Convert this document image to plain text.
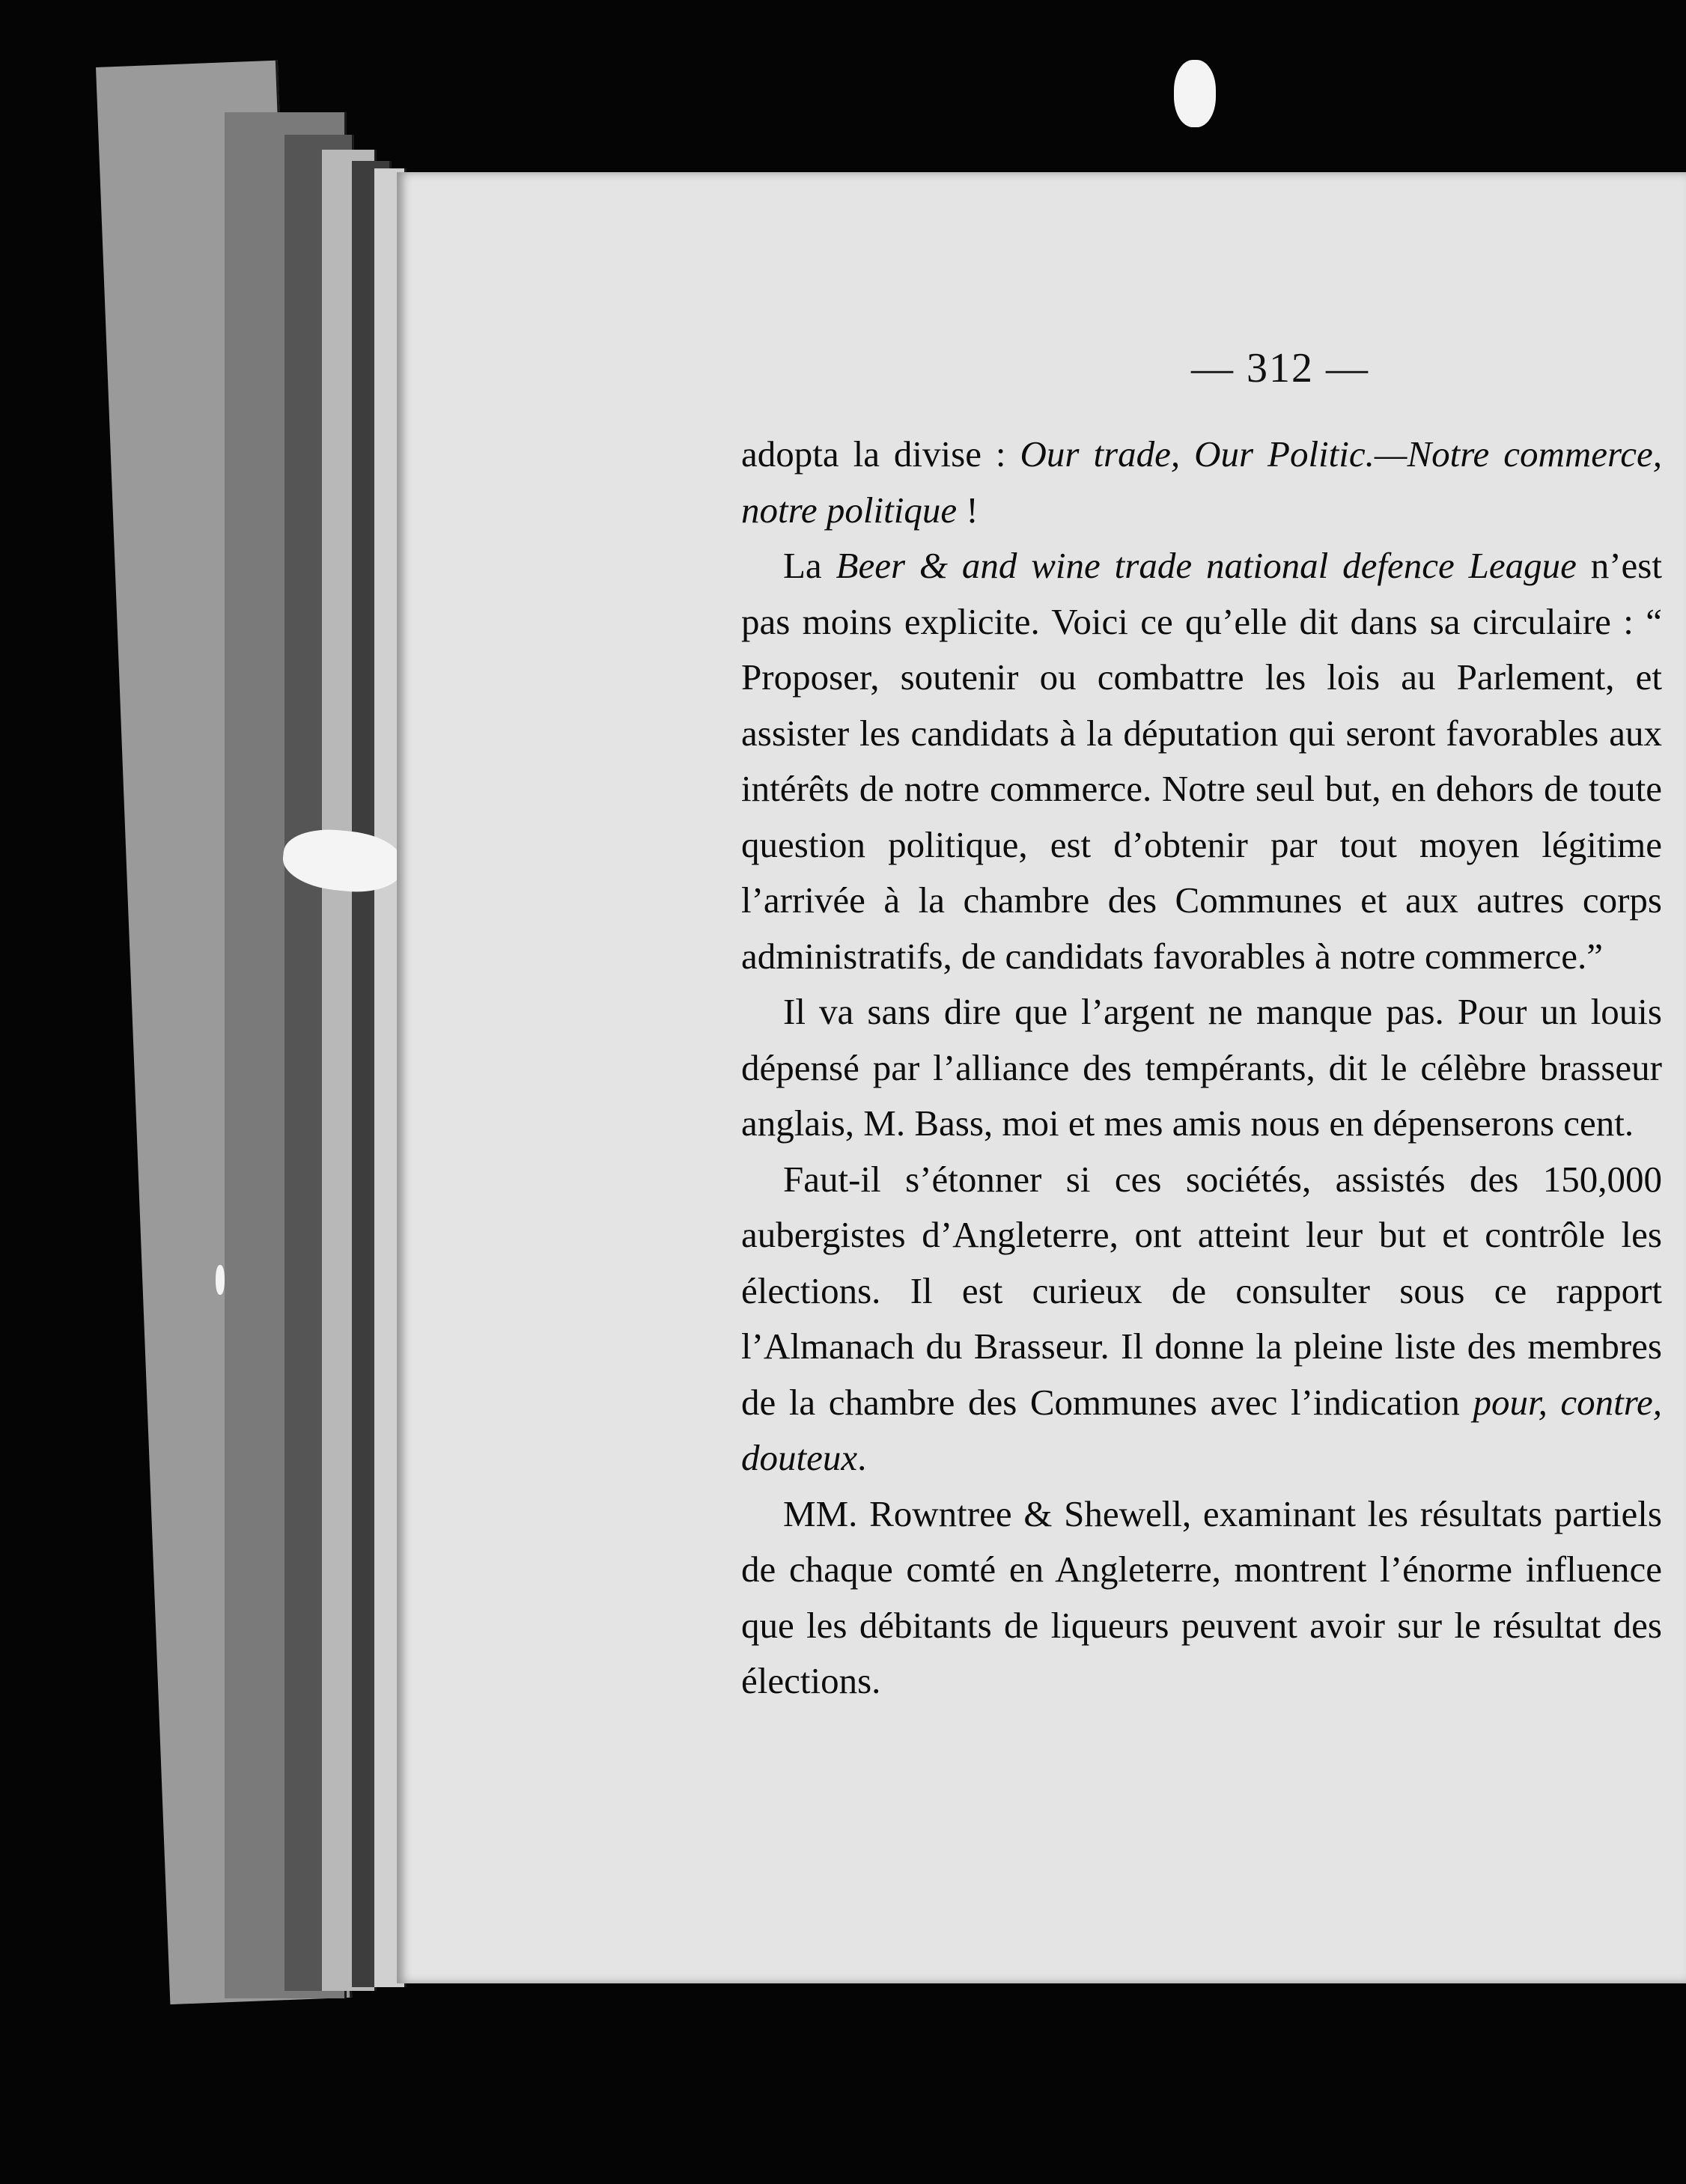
— 312 —

adopta la divise : Our trade, Our Politic.—Notre commerce, notre politique !

La Beer & and wine trade national defence League n’est pas moins explicite. Voici ce qu’elle dit dans sa circulaire : “ Proposer, soutenir ou combattre les lois au Parlement, et assister les candidats à la députation qui seront favorables aux intérêts de notre commerce. Notre seul but, en dehors de toute question politique, est d’obtenir par tout moyen légitime l’arrivée à la chambre des Communes et aux autres corps administratifs, de candidats favorables à notre commerce.”

Il va sans dire que l’argent ne manque pas. Pour un louis dépensé par l’alliance des tempérants, dit le célèbre brasseur anglais, M. Bass, moi et mes amis nous en dépenserons cent.

Faut-il s’étonner si ces sociétés, assistés des 150,000 aubergistes d’Angleterre, ont atteint leur but et contrôle les élections. Il est curieux de consulter sous ce rapport l’Almanach du Brasseur. Il donne la pleine liste des membres de la chambre des Communes avec l’indication pour, contre, douteux.

MM. Rowntree & Shewell, examinant les résultats partiels de chaque comté en Angleterre, montrent l’énorme influence que les débitants de liqueurs peuvent avoir sur le résultat des élections.
